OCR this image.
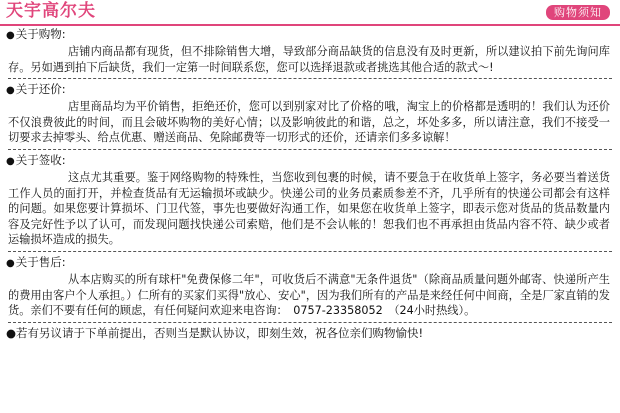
天宇高尔夫	购物须知
●关于购物:
店铺内商品都有现货，但不排除销售大增，导致部分商品缺货的信息没有及时更新，所以建议拍下前先询问库存。另如遇到拍下后缺货，我们一定第一时间联系您，您可以选择退款或者挑选其他合适的款式～!
●关于还价:
店里商品均为平价销售，拒绝还价，您可以到别家对比了价格的哦，淘宝上的价格都是透明的！我们认为还价不仅浪费彼此的时间，而且会破坏购物的美好心情；以及影响彼此的和谐，总之，坏处多多，所以请注意，我们不接受一切要求去掉零头、给点优惠、赠送商品、免除邮费等一切形式的还价，还请亲们多多谅解！
●关于签收:
这点尤其重要。鉴于网络购物的特殊性，当您收到包裹的时候，请不要急于在收货单上签字，务必要当着送货工作人员的面打开，并检查货品有无运输损坏或缺少。快递公司的业务员素质参差不齐，几乎所有的快递公司都会有这样的问题。如果您要计算损坏、门卫代签，事先也要做好沟通工作，如果您在收货单上签字，即表示您对货品的货品数量内容及完好性予以了认可，而发现问题找快递公司索赔，他们是不会认帐的！恕我们也不再承担由货品内容不符、缺少或者运输损坏造成的损失。
●关于售后:
从本店购买的所有球杆"免费保修二年"，可收货后不满意"无条件退货"（除商品质量问题外邮寄、快递所产生的费用由客户个人承担。）仁所有的买家们买得"放心、安心"，因为我们所有的产品是来经任何中间商，全是厂家直销的发货。亲们不要有任何的顾虑，有任何疑问欢迎来电咨询：　0757-23358052　（24小时热线）。
●若有另议请于下单前提出，否则当是默认协议，即刻生效，祝各位亲们购物愉快!
